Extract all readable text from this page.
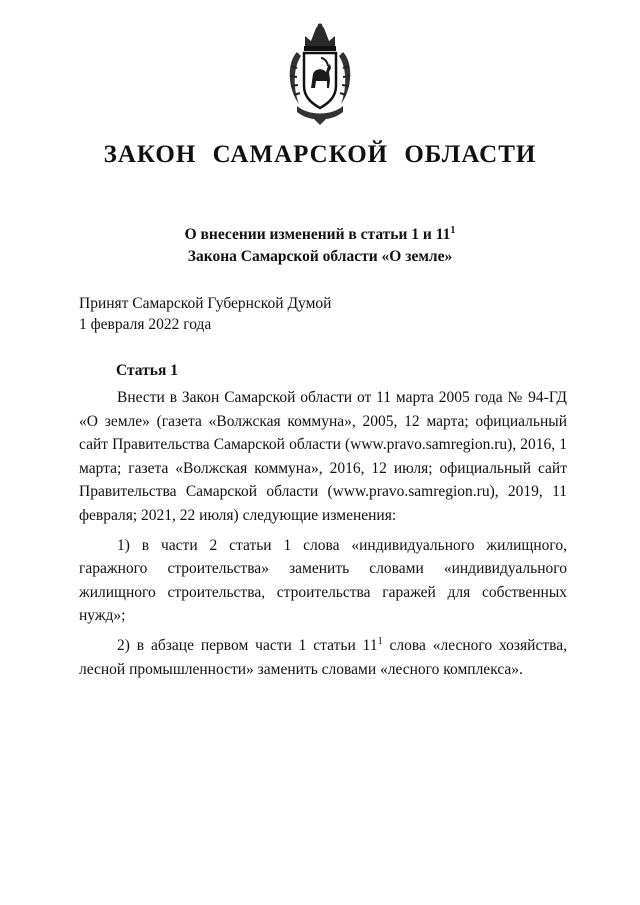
ЗАКОН САМАРСКОЙ ОБЛАСТИ
О внесении изменений в статьи 1 и $11^1$
Закона Самарской области «О земле»
Принят Самарской Губернской Думой
1 февраля 2022 года
Статья 1

Внести в Закон Самарской области от 11 марта 2005 года № 94-ГД «О земле» (газета «Волжская коммуна», 2005, 12 марта; официальный сайт Правительства Самарской области (www.pravo.samregion.ru), 2016, 1 марта; газета «Волжская коммуна», 2016, 12 июля; официальный сайт Правительства Самарской области (www.pravo.samregion.ru), 2019, 11 февраля; 2021, 22 июля) следующие изменения:

1) в части 2 статьи 1 слова «индивидуального жилищного, гаражного строительства» заменить словами «индивидуального жилищного строительства, строительства гаражей для собственных нужд»;

2) в абзаце первом части 1 статьи $11^1$ слова «лесного хозяйства, лесной промышленности» заменить словами «лесного комплекса».
